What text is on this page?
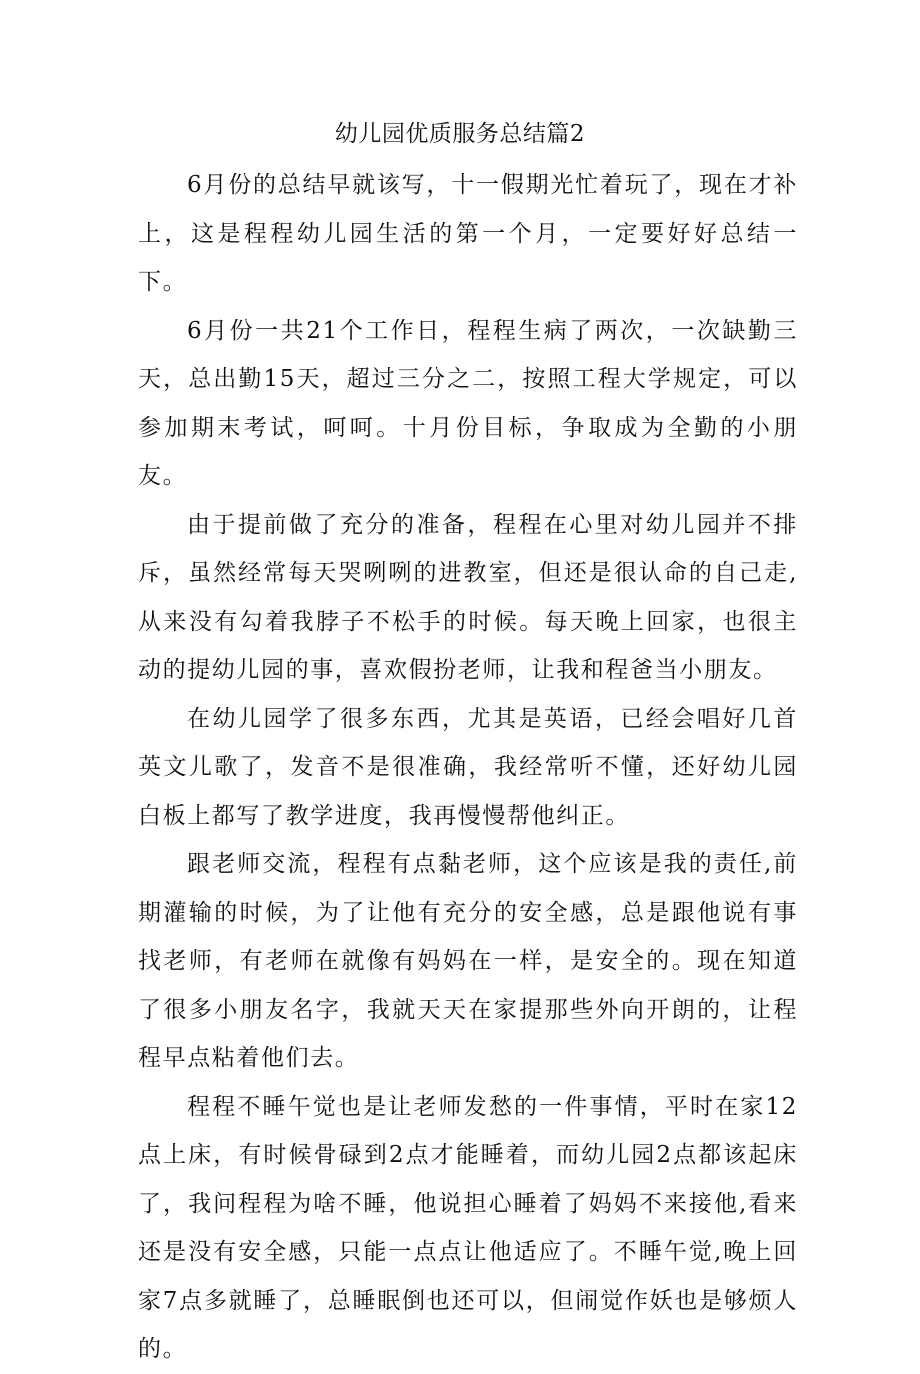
幼儿园优质服务总结篇2

6月份的总结早就该写，十一假期光忙着玩了，现在才补上，这是程程幼儿园生活的第一个月，一定要好好总结一下。

6月份一共21个工作日，程程生病了两次，一次缺勤三天，总出勤15天，超过三分之二，按照工程大学规定，可以参加期末考试，呵呵。十月份目标，争取成为全勤的小朋友。

由于提前做了充分的准备，程程在心里对幼儿园并不排斥，虽然经常每天哭咧咧的进教室，但还是很认命的自己走,从来没有勾着我脖子不松手的时候。每天晚上回家，也很主动的提幼儿园的事，喜欢假扮老师，让我和程爸当小朋友。

在幼儿园学了很多东西，尤其是英语，已经会唱好几首英文儿歌了，发音不是很准确，我经常听不懂，还好幼儿园白板上都写了教学进度，我再慢慢帮他纠正。

跟老师交流，程程有点黏老师，这个应该是我的责任,前期灌输的时候，为了让他有充分的安全感，总是跟他说有事找老师，有老师在就像有妈妈在一样，是安全的。现在知道了很多小朋友名字，我就天天在家提那些外向开朗的，让程程早点粘着他们去。

程程不睡午觉也是让老师发愁的一件事情，平时在家12点上床，有时候骨碌到2点才能睡着，而幼儿园2点都该起床了，我问程程为啥不睡，他说担心睡着了妈妈不来接他,看来还是没有安全感，只能一点点让他适应了。不睡午觉,晚上回家7点多就睡了，总睡眠倒也还可以，但闹觉作妖也是够烦人的。
